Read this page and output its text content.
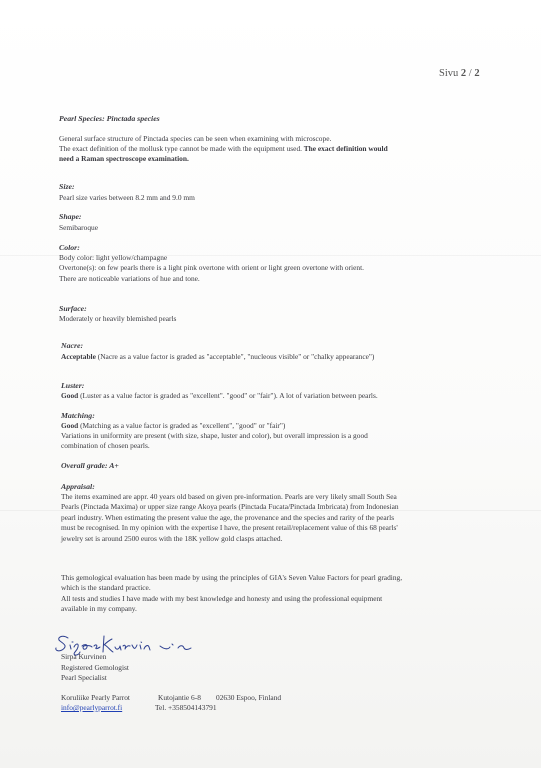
Sivu 2 / 2
Pearl Species: Pinctada species
General surface structure of Pinctada species can be seen when examining with microscope.
The exact definition of the mollusk type cannot be made with the equipment used. The exact definition would
need a Raman spectroscope examination.
Size:
Pearl size varies between 8.2 mm and 9.0 mm
Shape:
Semibaroque
Color:
Body color: light yellow/champagne
Overtone(s): on few pearls there is a light pink overtone with orient or light green overtone with orient.
There are noticeable variations of hue and tone.
Surface:
Moderately or heavily blemished pearls
Nacre:
Acceptable (Nacre as a value factor is graded as "acceptable", "nucleous visible" or "chalky appearance")
Luster:
Good (Luster as a value factor is graded as "excellent". "good" or "fair"). A lot of variation between pearls.
Matching:
Good (Matching as a value factor is graded as "excellent", "good" or "fair")
Variations in uniformity are present (with size, shape, luster and color), but overall impression is a good
combination of chosen pearls.
Overall grade: A+
Appraisal:
The items examined are appr. 40 years old based on given pre-information. Pearls are very likely small South Sea
Pearls (Pinctada Maxima) or upper size range Akoya pearls (Pinctada Fucata/Pinctada Imbricata) from Indonesian
pearl industry. When estimating the present value the age, the provenance and the species and rarity of the pearls
must be recognised. In my opinion with the expertise I have, the present retail/replacement value of this 68 pearls'
jewelry set is around 2500 euros with the 18K yellow gold clasps attached.
This gemological evaluation has been made by using the principles of GIA's Seven Value Factors for pearl grading,
which is the standard practice.
All tests and studies I have made with my best knowledge and honesty and using the professional equipment
available in my company.
Sirpa Kurvinen
Registered Gemologist
Pearl Specialist
Koruliike Pearly Parrot	Kutojantie 6-8 02630 Espoo, Finland
info@pearlyparrot.fi	Tel. +358504143791
